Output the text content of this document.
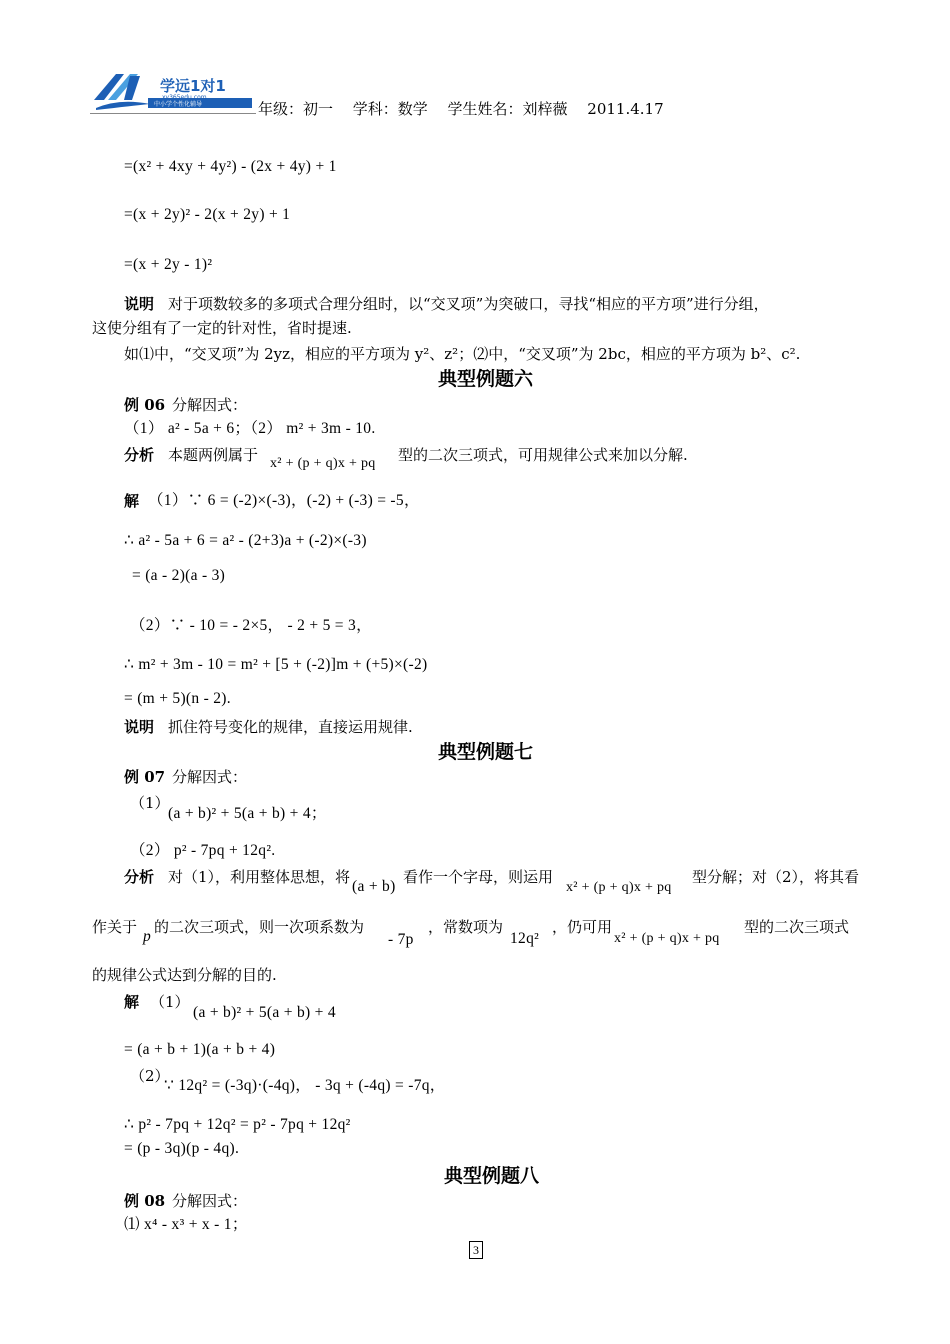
学远1对1
xy365edu.com
中小学个性化辅导	年级：初一　 学科：数学　 学生姓名：刘梓薇　 2011.4.17
=(x² + 4xy + 4y²) - (2x + 4y) + 1
=(x + 2y)² - 2(x + 2y) + 1
=(x + 2y - 1)²
说明 对于项数较多的多项式合理分组时，以“交叉项”为突破口，寻找“相应的平方项”进行分组，
这使分组有了一定的针对性，省时提速.
如⑴中，“交叉项”为 2yz，相应的平方项为 y²、z²；⑵中，“交叉项”为 2bc，相应的平方项为 b²、c².
典型例题六
例 06 分解因式：
（1） a² - 5a + 6；（2） m² + 3m - 10.
分析 本题两例属于 x² + (p + q)x + pq 型的二次三项式，可用规律公式来加以分解.
解 （1）∵ 6 = (-2)×(-3)，(-2) + (-3) = -5，
∴ a² - 5a + 6 = a² - (2+3)a + (-2)×(-3)
= (a - 2)(a - 3)
（2）∵ - 10 = - 2×5， - 2 + 5 = 3，
∴ m² + 3m - 10 = m² + [5 + (-2)]m + (+5)×(-2)
= (m + 5)(n - 2).
说明 抓住符号变化的规律，直接运用规律.
典型例题七
例 07 分解因式：
（1）
(a + b)² + 5(a + b) + 4；
（2） p² - 7pq + 12q².
分析 对（1），利用整体思想，将
(a + b)
看作一个字母，则运用
x² + (p + q)x + pq
型分解；对（2），将其看
作关于
p
的二次三项式，则一次项系数为
- 7p
，常数项为
12q²
，仍可用
x² + (p + q)x + pq
型的二次三项式
的规律公式达到分解的目的.
解 （1）
(a + b)² + 5(a + b) + 4
= (a + b + 1)(a + b + 4)
（2）
∵ 12q² = (-3q)·(-4q)， - 3q + (-4q) = -7q，
∴ p² - 7pq + 12q² = p² - 7pq + 12q²
= (p - 3q)(p - 4q).
典型例题八
例 08 分解因式：
⑴ x⁴ - x³ + x - 1；
3
